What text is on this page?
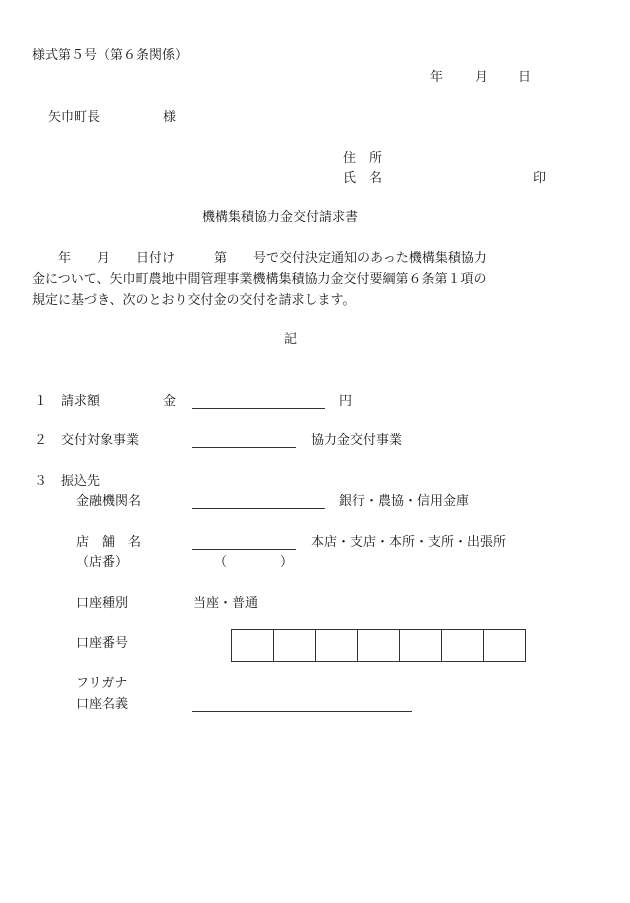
様式第５号（第６条関係）
年 月 日
矢巾町長	様
住　所
氏　名	印
機構集積協力金交付請求書
　　年　　月　　日付け　　　第　　号で交付決定通知のあった機構集積協力
金について、矢巾町農地中間管理事業機構集積協力金交付要綱第６条第１項の
規定に基づき、次のとおり交付金の交付を請求します。
記
１ 請求額	金	円
２ 交付対象事業	協力金交付事業
３ 振込先
金融機関名	銀行・農協・信用金庫
店　舗　名	本店・支店・本所・支所・出張所
（店番）	（	）
口座種別	当座・普通
口座番号
フリガナ
口座名義
